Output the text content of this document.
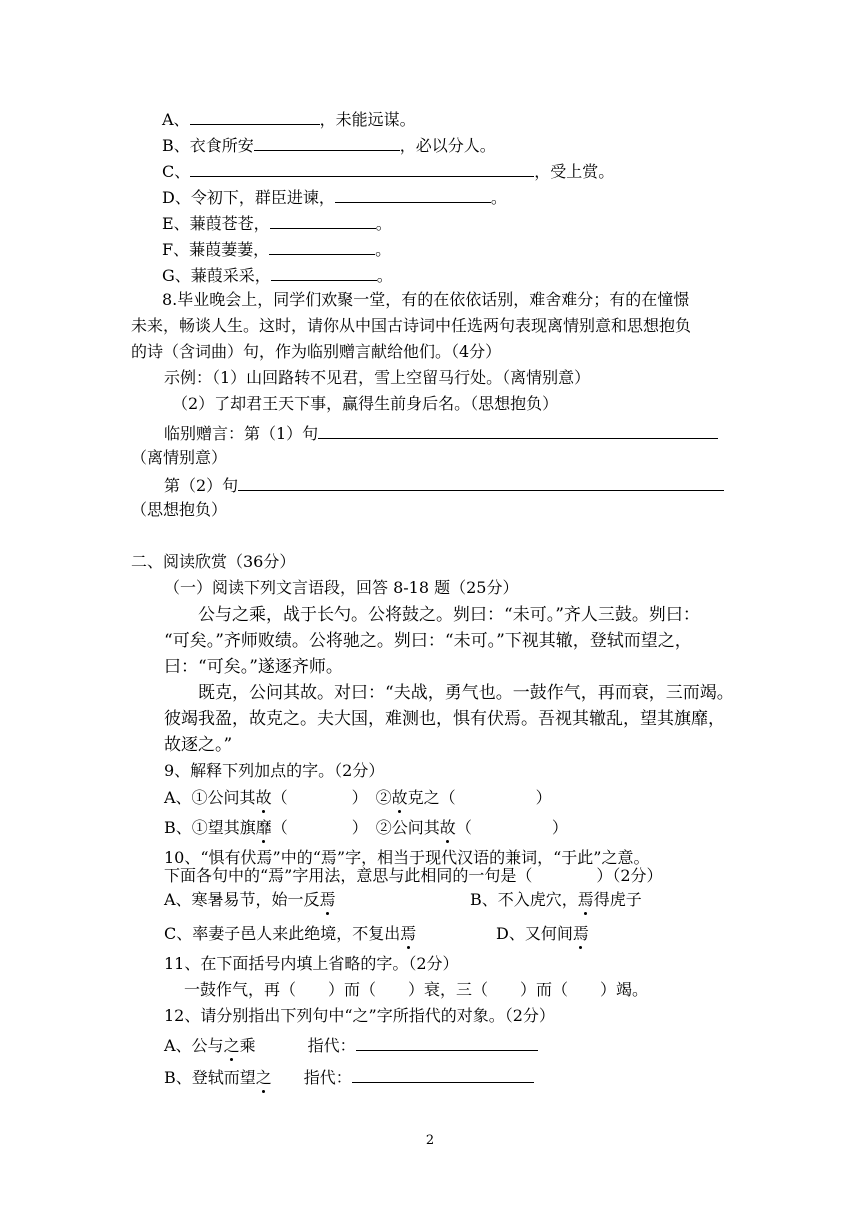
A、	，未能远谋。
B、衣食所安	，必以分人。
C、	，受上赏。
D、令初下，群臣进谏，	。
E、蒹葭苍苍，	。
F、蒹葭萋萋，	。
G、蒹葭采采，	。
8.毕业晚会上，同学们欢聚一堂，有的在依依话别，难舍难分；有的在憧憬
未来，畅谈人生。这时，请你从中国古诗词中任选两句表现离情别意和思想抱负
的诗（含词曲）句，作为临别赠言献给他们。（4分）
示例：（1）山回路转不见君，雪上空留马行处。（离情别意）
（2）了却君王天下事，赢得生前身后名。（思想抱负）
临别赠言：第（1）句
（离情别意）
第（2）句
（思想抱负）
二、阅读欣赏（36分）
（一）阅读下列文言语段，回答 8-18 题（25分）
公与之乘，战于长勺。公将鼓之。刿曰：“未可。”齐人三鼓。刿曰：
“可矣。”齐师败绩。公将驰之。刿曰：“未可。”下视其辙，登轼而望之，
曰：“可矣。”遂逐齐师。
既克，公问其故。对曰：“夫战，勇气也。一鼓作气，再而衰，三而竭。
彼竭我盈，故克之。夫大国，难测也，惧有伏焉。吾视其辙乱，望其旗靡，
故逐之。”
9、解释下列加点的字。（2分）
A、①公问其故（　　　　）　②故克之（　　　　　）
B、①望其旗靡（　　　　）　②公问其故（　　　　　）
10、“惧有伏焉”中的“焉”字，相当于现代汉语的兼词，“于此”之意。
下面各句中的“焉”字用法，意思与此相同的一句是（　　　　）（2分）
A、寒暑易节，始一反焉	B、不入虎穴，焉得虎子
C、率妻子邑人来此绝境，不复出焉	D、又何间焉
11、在下面括号内填上省略的字。（2分）
一鼓作气，再（　　）而（　　）衰，三（　　）而（　　）竭。
12、请分别指出下列句中“之”字所指代的对象。（2分）
A、公与之乘	指代：
B、登轼而望之 指代：
2
